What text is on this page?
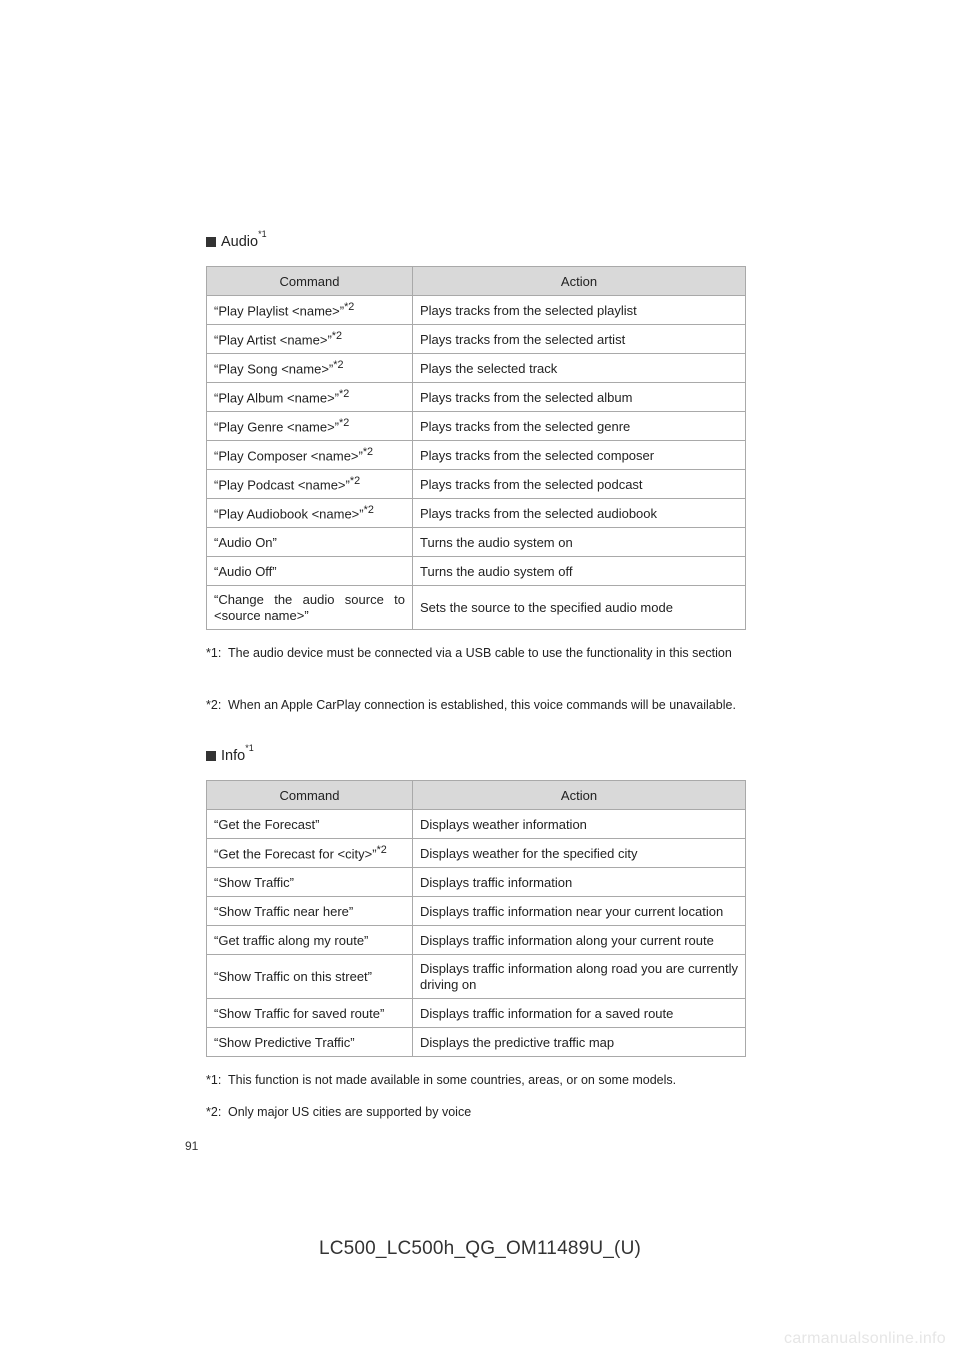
Audio *1
Command	Action
“Play Playlist <name>”$^{*2}$	Plays tracks from the selected playlist
“Play Artist <name>”$^{*2}$	Plays tracks from the selected artist
“Play Song <name>”$^{*2}$	Plays the selected track
“Play Album <name>”$^{*2}$	Plays tracks from the selected album
“Play Genre <name>”$^{*2}$	Plays tracks from the selected genre
“Play Composer <name>”$^{*2}$	Plays tracks from the selected composer
“Play Podcast <name>”$^{*2}$	Plays tracks from the selected podcast
“Play Audiobook <name>”$^{*2}$	Plays tracks from the selected audiobook
“Audio On”	Turns the audio system on
“Audio Off”	Turns the audio system off
“Change the audio source to <source name>”	Sets the source to the specified audio mode
*1: The audio device must be connected via a USB cable to use the functionality in this section
*2: When an Apple CarPlay connection is established, this voice commands will be unavailable.
Info *1
Command	Action
“Get the Forecast”	Displays weather information
“Get the Forecast for <city>”$^{*2}$	Displays weather for the specified city
“Show Traffic”	Displays traffic information
“Show Traffic near here”	Displays traffic information near your current location
“Get traffic along my route”	Displays traffic information along your current route
“Show Traffic on this street”	Displays traffic information along road you are currently driving on
“Show Traffic for saved route”	Displays traffic information for a saved route
“Show Predictive Traffic”	Displays the predictive traffic map
*1: This function is not made available in some countries, areas, or on some models.
*2: Only major US cities are supported by voice
91
LC500_LC500h_QG_OM11489U_(U)
carmanualsonline.info
